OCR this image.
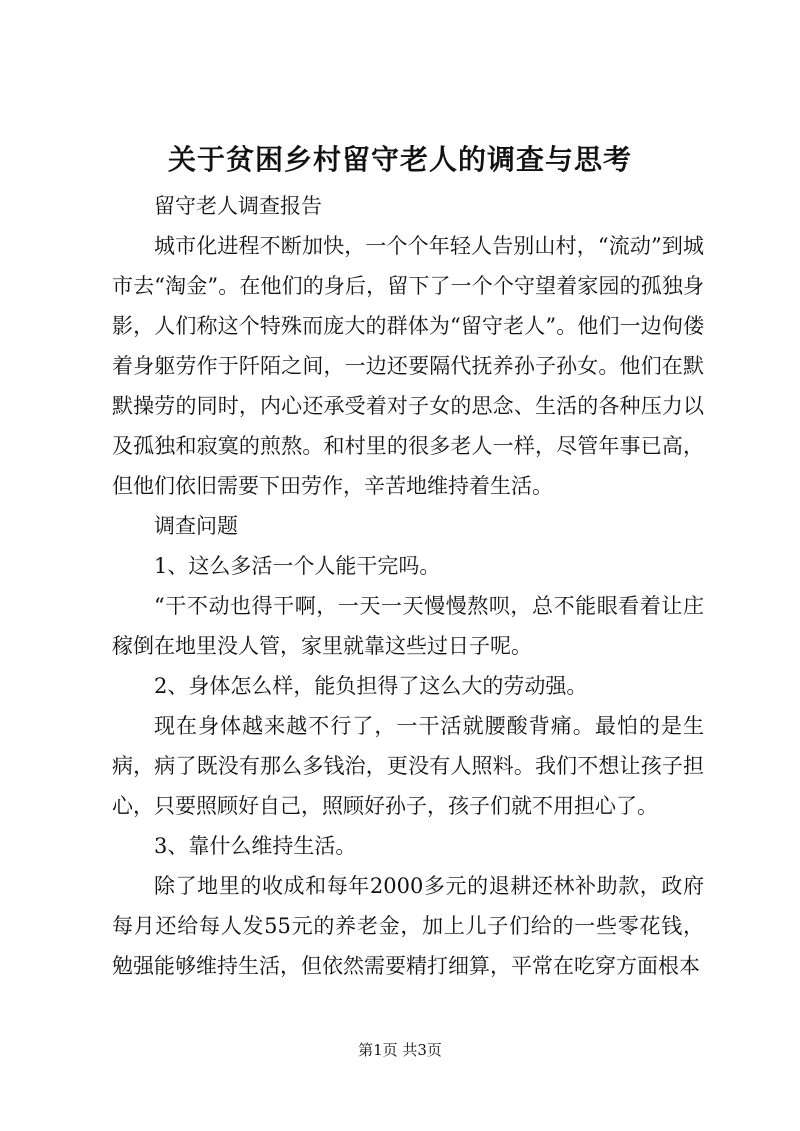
关于贫困乡村留守老人的调查与思考

留守老人调查报告

城市化进程不断加快，一个个年轻人告别山村，“流动”到城市去“淘金”。在他们的身后，留下了一个个守望着家园的孤独身影，人们称这个特殊而庞大的群体为“留守老人”。他们一边佝偻着身躯劳作于阡陌之间，一边还要隔代抚养孙子孙女。他们在默默操劳的同时，内心还承受着对子女的思念、生活的各种压力以及孤独和寂寞的煎熬。和村里的很多老人一样，尽管年事已高，但他们依旧需要下田劳作，辛苦地维持着生活。

调查问题

1、这么多活一个人能干完吗。

“干不动也得干啊，一天一天慢慢熬呗，总不能眼看着让庄稼倒在地里没人管，家里就靠这些过日子呢。

2、身体怎么样，能负担得了这么大的劳动强。

现在身体越来越不行了，一干活就腰酸背痛。最怕的是生病，病了既没有那么多钱治，更没有人照料。我们不想让孩子担心，只要照顾好自己，照顾好孙子，孩子们就不用担心了。

3、靠什么维持生活。

除了地里的收成和每年2000多元的退耕还林补助款，政府每月还给每人发55元的养老金，加上儿子们给的一些零花钱，勉强能够维持生活，但依然需要精打细算，平常在吃穿方面根本

第1页 共3页
